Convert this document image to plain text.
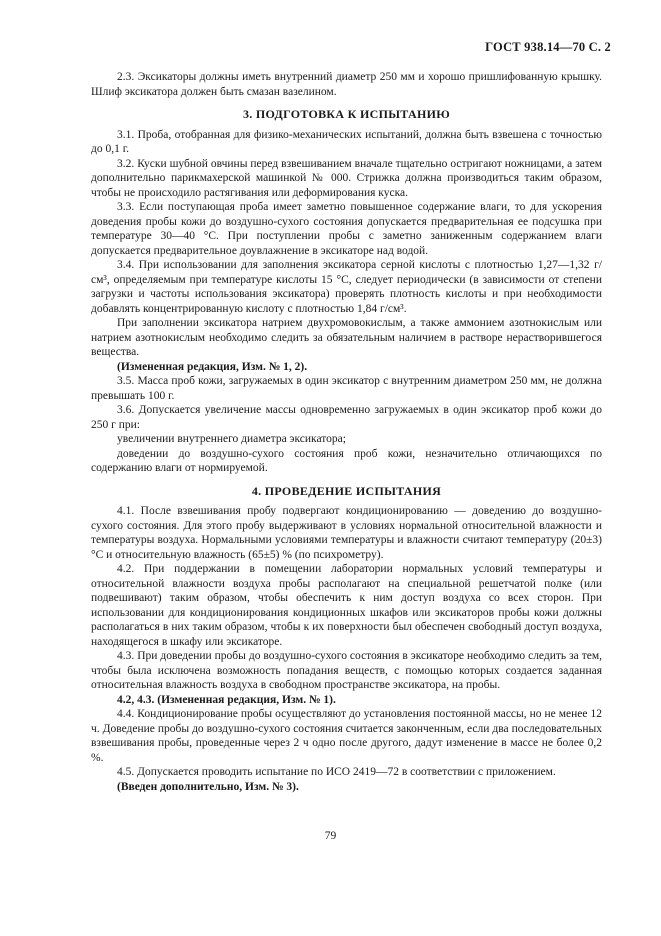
ГОСТ 938.14—70 С. 2
2.3. Эксикаторы должны иметь внутренний диаметр 250 мм и хорошо пришлифованную крышку. Шлиф эксикатора должен быть смазан вазелином.
3. ПОДГОТОВКА К ИСПЫТАНИЮ
3.1. Проба, отобранная для физико-механических испытаний, должна быть взвешена с точностью до 0,1 г.
3.2. Куски шубной овчины перед взвешиванием вначале тщательно остригают ножницами, а затем дополнительно парикмахерской машинкой № 000. Стрижка должна производиться таким образом, чтобы не происходило растягивания или деформирования куска.
3.3. Если поступающая проба имеет заметно повышенное содержание влаги, то для ускорения доведения пробы кожи до воздушно-сухого состояния допускается предварительная ее подсушка при температуре 30—40 °С. При поступлении пробы с заметно заниженным содержанием влаги допускается предварительное доувлажнение в эксикаторе над водой.
3.4. При использовании для заполнения эксикатора серной кислоты с плотностью 1,27—1,32 г/см³, определяемым при температуре кислоты 15 °С, следует периодически (в зависимости от степени загрузки и частоты использования эксикатора) проверять плотность кислоты и при необходимости добавлять концентрированную кислоту с плотностью 1,84 г/см³.
При заполнении эксикатора натрием двухромовокислым, а также аммонием азотнокислым или натрием азотнокислым необходимо следить за обязательным наличием в растворе нерастворившегося вещества.
(Измененная редакция, Изм. № 1, 2).
3.5. Масса проб кожи, загружаемых в один эксикатор с внутренним диаметром 250 мм, не должна превышать 100 г.
3.6. Допускается увеличение массы одновременно загружаемых в один эксикатор проб кожи до 250 г при:
увеличении внутреннего диаметра эксикатора;
доведении до воздушно-сухого состояния проб кожи, незначительно отличающихся по содержанию влаги от нормируемой.
4. ПРОВЕДЕНИЕ ИСПЫТАНИЯ
4.1. После взвешивания пробу подвергают кондиционированию — доведению до воздушно-сухого состояния. Для этого пробу выдерживают в условиях нормальной относительной влажности и температуры воздуха. Нормальными условиями температуры и влажности считают температуру (20±3) °С и относительную влажность (65±5) % (по психрометру).
4.2. При поддержании в помещении лаборатории нормальных условий температуры и относительной влажности воздуха пробы располагают на специальной решетчатой полке (или подвешивают) таким образом, чтобы обеспечить к ним доступ воздуха со всех сторон. При использовании для кондиционирования кондиционных шкафов или эксикаторов пробы кожи должны располагаться в них таким образом, чтобы к их поверхности был обеспечен свободный доступ воздуха, находящегося в шкафу или эксикаторе.
4.3. При доведении пробы до воздушно-сухого состояния в эксикаторе необходимо следить за тем, чтобы была исключена возможность попадания веществ, с помощью которых создается заданная относительная влажность воздуха в свободном пространстве эксикатора, на пробы.
4.2, 4.3. (Измененная редакция, Изм. № 1).
4.4. Кондиционирование пробы осуществляют до установления постоянной массы, но не менее 12 ч. Доведение пробы до воздушно-сухого состояния считается законченным, если два последовательных взвешивания пробы, проведенные через 2 ч одно после другого, дадут изменение в массе не более 0,2 %.
4.5. Допускается проводить испытание по ИСО 2419—72 в соответствии с приложением.
(Введен дополнительно, Изм. № 3).
79
